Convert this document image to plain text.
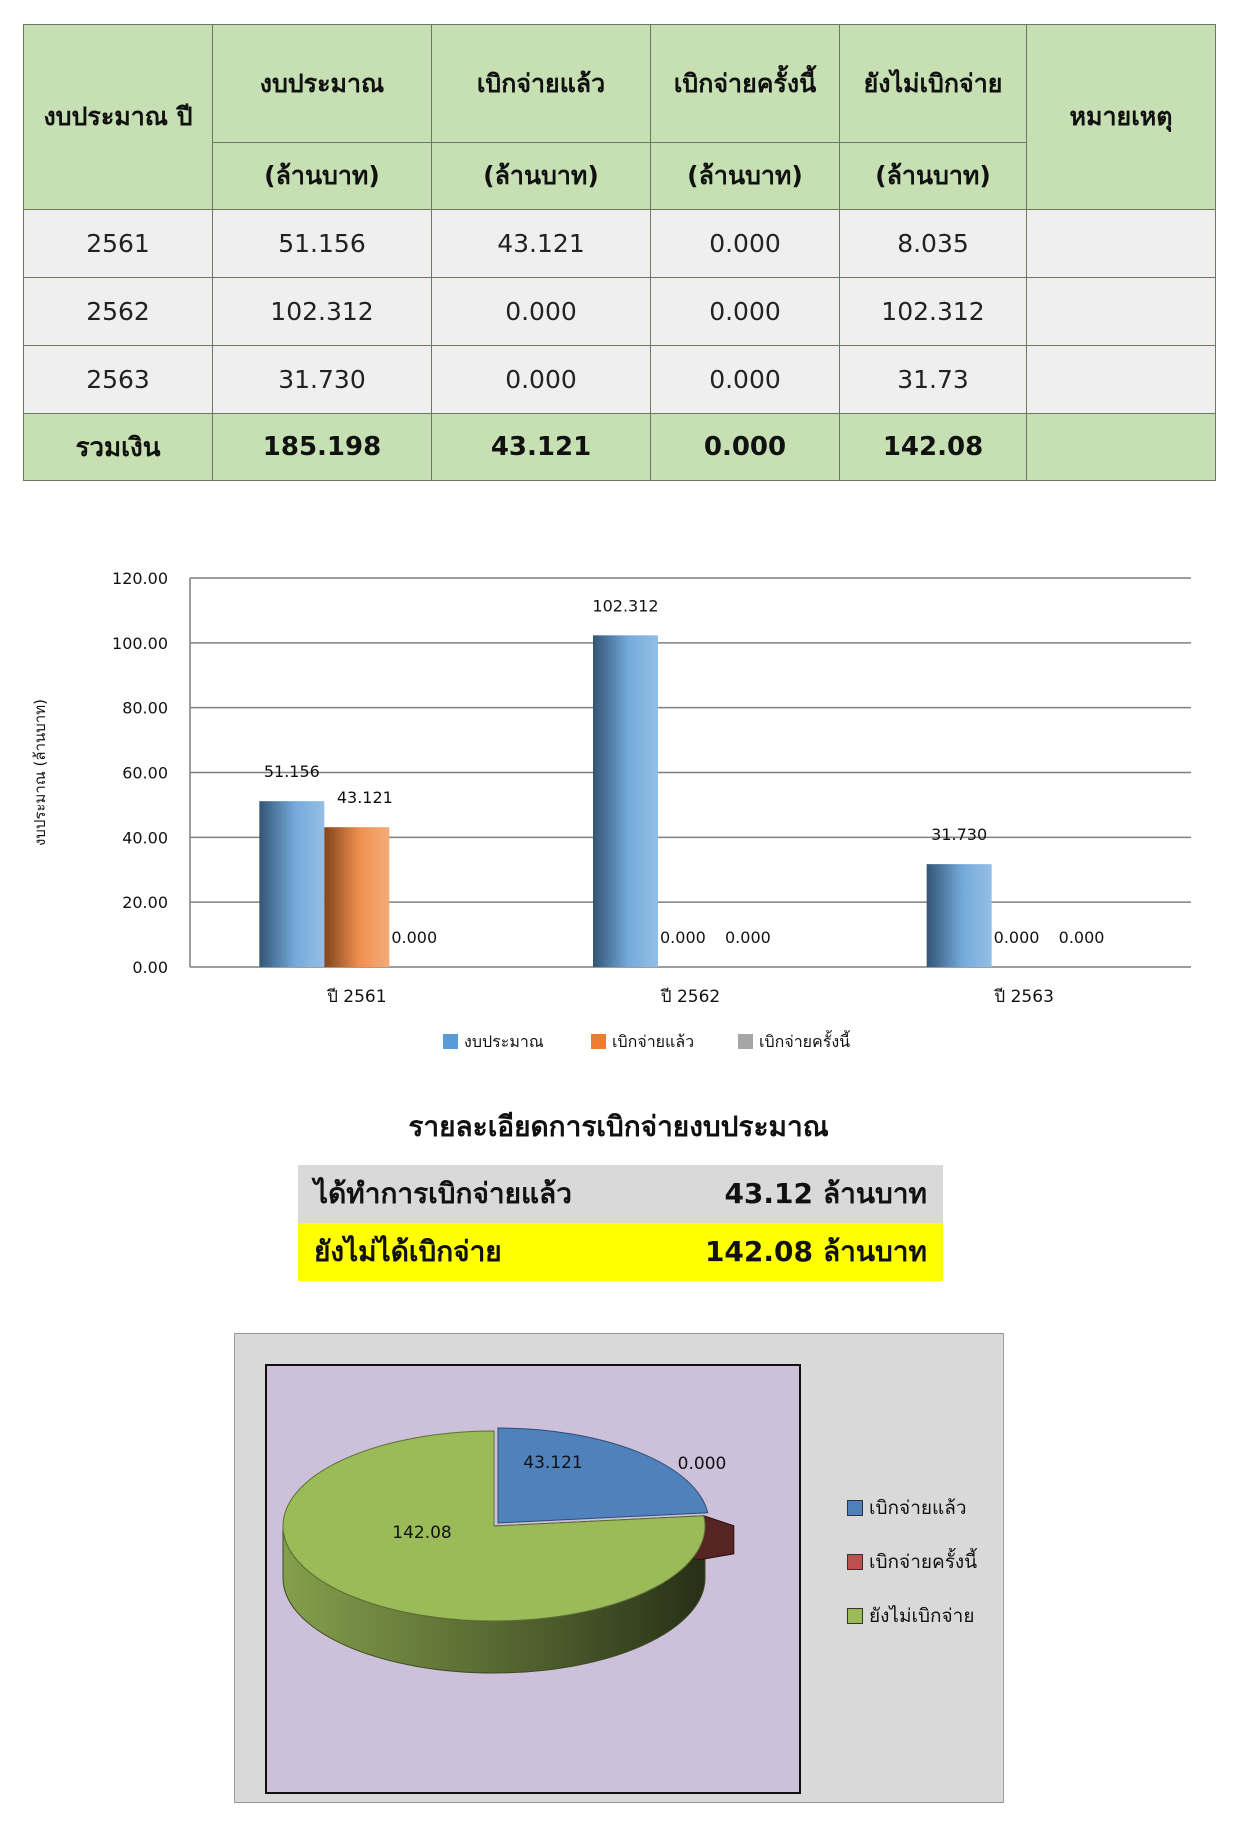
งบประมาณ ปี	งบประมาณ	เบิกจ่ายแล้ว	เบิกจ่ายครั้งนี้	ยังไม่เบิกจ่าย	หมายเหตุ
	(ล้านบาท)	(ล้านบาท)	(ล้านบาท)	(ล้านบาท)	
2561	51.156	43.121	0.000	8.035	
2562	102.312	0.000	0.000	102.312	
2563	31.730	0.000	0.000	31.73	
รวมเงิน	185.198	43.121	0.000	142.08	
0.00
20.00
40.00
60.00
80.00
100.00
120.00
งบประมาณ (ล้านบาท)	51.156
43.121
0.000
ปี 2561
102.312
0.000 0.000
ปี 2562
31.730
0.000 0.000
ปี 2563
งบประมาณ	เบิกจ่ายแล้ว	เบิกจ่ายครั้งนี้
รายละเอียดการเบิกจ่ายงบประมาณ
ได้ทำการเบิกจ่ายแล้ว	43.12 ล้านบาท
ยังไม่ได้เบิกจ่าย	142.08 ล้านบาท
43.121	0.000
142.08
เบิกจ่ายแล้ว
เบิกจ่ายครั้งนี้
ยังไม่เบิกจ่าย
